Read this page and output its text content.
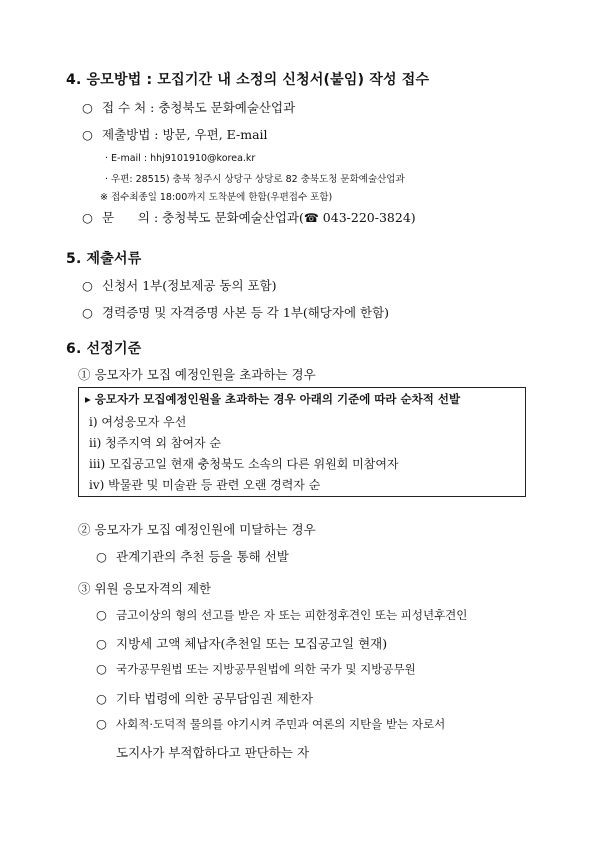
4. 응모방법 : 모집기간 내 소정의 신청서(붙임) 작성 접수
○ 접 수 처 : 충청북도 문화예술산업과
○ 제출방법 : 방문, 우편, E-mail
· E-mail : hhj9101910@korea.kr
· 우편: 28515) 충북 청주시 상당구 상당로 82 충북도청 문화예술산업과
※ 접수최종일 18:00까지 도착분에 한함(우편접수 포함)
○ 문      의 : 충청북도 문화예술산업과(☎ 043-220-3824)
5. 제출서류
○ 신청서 1부(정보제공 동의 포함)
○ 경력증명 및 자격증명 사본 등 각 1부(해당자에 한함)
6. 선정기준
① 응모자가 모집 예정인원을 초과하는 경우
▸ 응모자가 모집예정인원을 초과하는 경우 아래의 기준에 따라 순차적 선발
ⅰ) 여성응모자 우선
ⅱ) 청주지역 외 참여자 순
ⅲ) 모집공고일 현재 충청북도 소속의 다른 위원회 미참여자
ⅳ) 박물관 및 미술관 등 관련 오랜 경력자 순
② 응모자가 모집 예정인원에 미달하는 경우
○ 관계기관의 추천 등을 통해 선발
③ 위원 응모자격의 제한
○ 금고이상의 형의 선고를 받은 자 또는 피한정후견인 또는 피성년후견인
○ 지방세 고액 체납자(추천일 또는 모집공고일 현재)
○ 국가공무원법 또는 지방공무원법에 의한 국가 및 지방공무원
○ 기타 법령에 의한 공무담임권 제한자
○ 사회적·도덕적 물의를 야기시켜 주민과 여론의 지탄을 받는 자로서
도지사가 부적합하다고 판단하는 자
